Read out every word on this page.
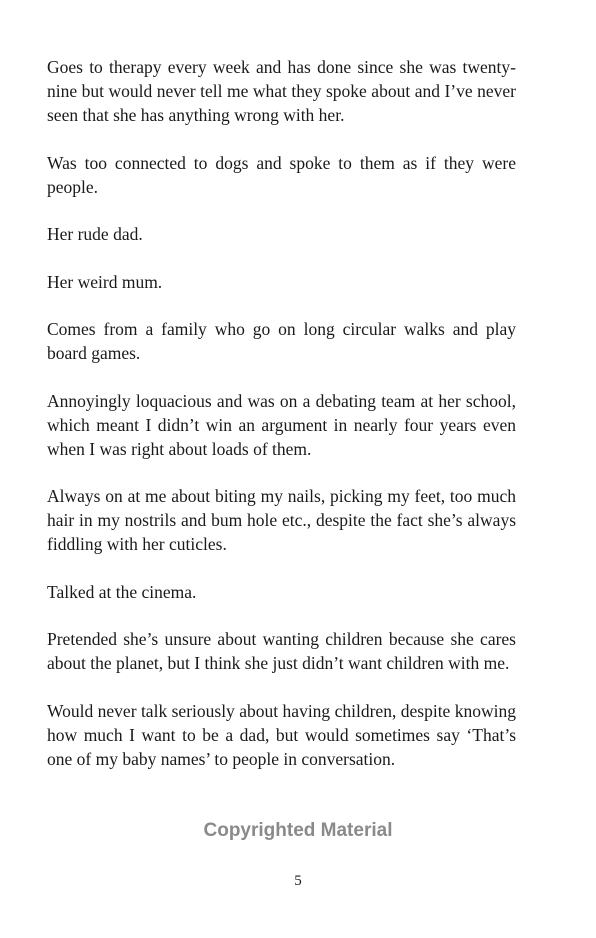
Goes to therapy every week and has done since she was twenty-nine but would never tell me what they spoke about and I’ve never seen that she has anything wrong with her.

Was too connected to dogs and spoke to them as if they were people.

Her rude dad.

Her weird mum.

Comes from a family who go on long circular walks and play board games.

Annoyingly loquacious and was on a debating team at her school, which meant I didn’t win an argument in nearly four years even when I was right about loads of them.

Always on at me about biting my nails, picking my feet, too much hair in my nostrils and bum hole etc., despite the fact she’s always fiddling with her cuticles.

Talked at the cinema.

Pretended she’s unsure about wanting children because she cares about the planet, but I think she just didn’t want children with me.

Would never talk seriously about having children, despite knowing how much I want to be a dad, but would sometimes say ‘That’s one of my baby names’ to people in conversation.

Copyrighted Material
5
